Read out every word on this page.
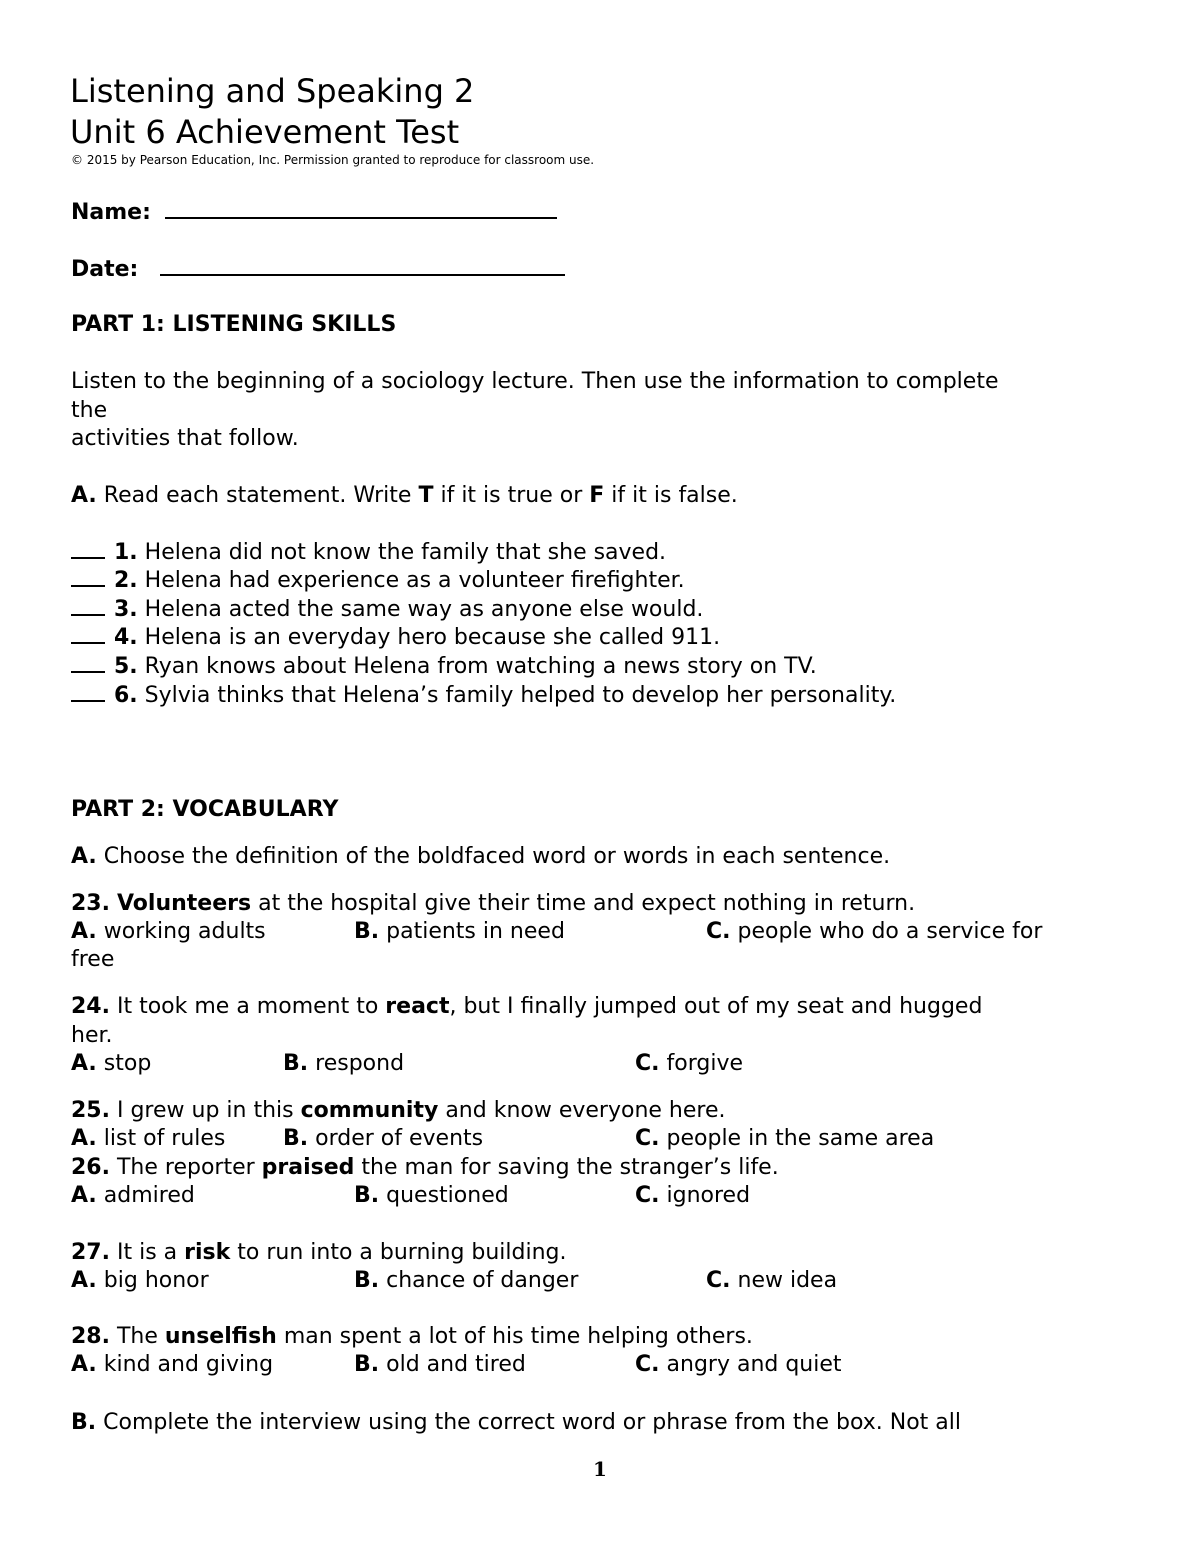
Listening and Speaking 2
Unit 6 Achievement Test
© 2015 by Pearson Education, Inc. Permission granted to reproduce for classroom use.
Name:
Date:
PART 1: LISTENING SKILLS
Listen to the beginning of a sociology lecture. Then use the information to complete
the
activities that follow.
A. Read each statement. Write T if it is true or F if it is false.
1. Helena did not know the family that she saved.
2. Helena had experience as a volunteer firefighter.
3. Helena acted the same way as anyone else would.
4. Helena is an everyday hero because she called 911.
5. Ryan knows about Helena from watching a news story on TV.
6. Sylvia thinks that Helena’s family helped to develop her personality.
PART 2: VOCABULARY
A. Choose the definition of the boldfaced word or words in each sentence.
23. Volunteers at the hospital give their time and expect nothing in return.
A. working adults	B. patients in need	C. people who do a service for
free
24. It took me a moment to react, but I finally jumped out of my seat and hugged
her.
A. stop	B. respond	C. forgive
25. I grew up in this community and know everyone here.
A. list of rules	B. order of events	C. people in the same area
26. The reporter praised the man for saving the stranger’s life.
A. admired	B. questioned	C. ignored
27. It is a risk to run into a burning building.
A. big honor	B. chance of danger	C. new idea
28. The unselfish man spent a lot of his time helping others.
A. kind and giving	B. old and tired	C. angry and quiet
B. Complete the interview using the correct word or phrase from the box. Not all
1
